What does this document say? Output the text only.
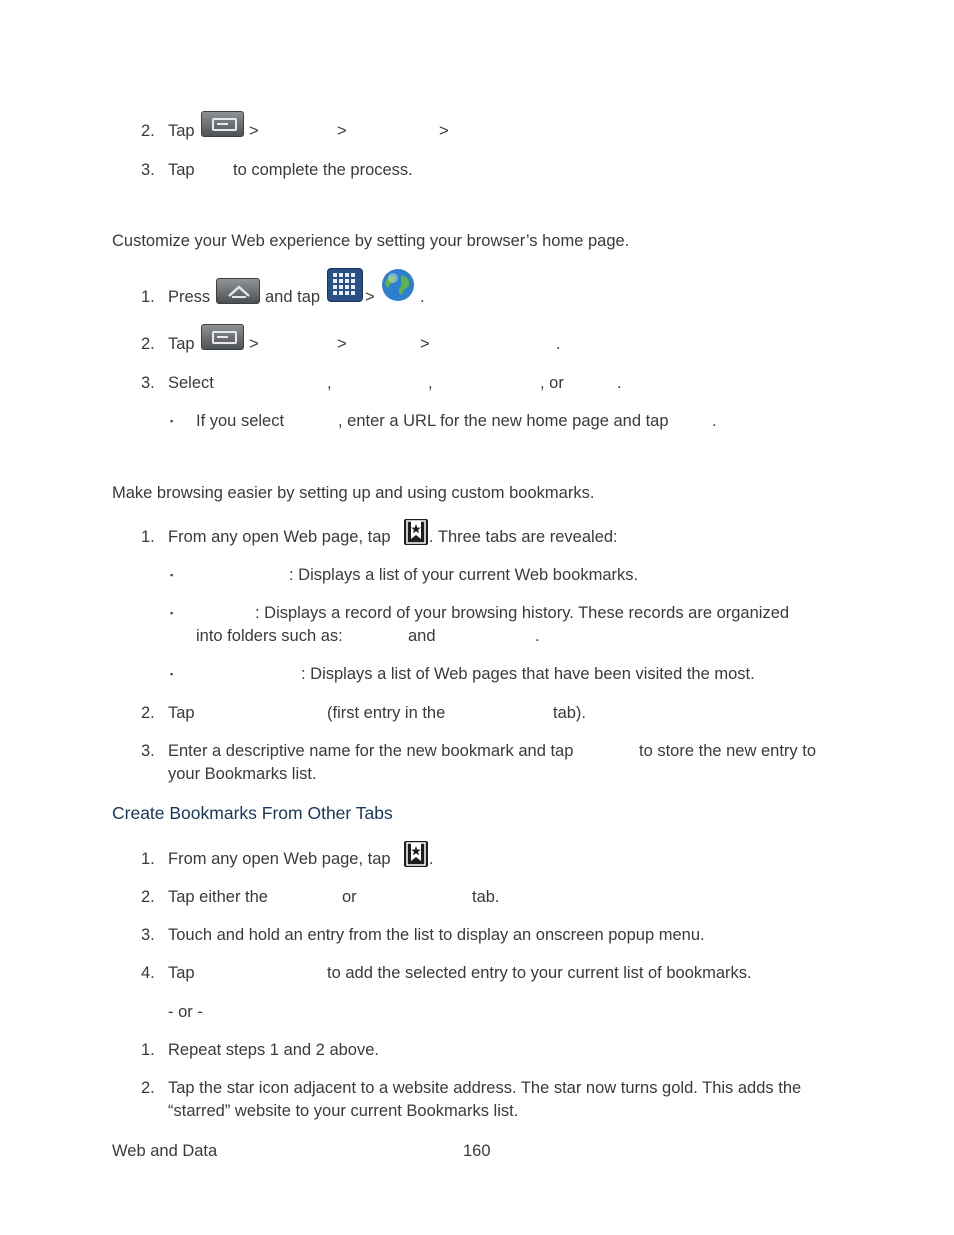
2. Tap	>	>	>
3. Tap to complete the process.
Customize your Web experience by setting your browser’s home page.
1. Press	and tap	>	.
2. Tap	>	>	>	.
3. Select	,	,	, or	.
▪ If you select	, enter a URL for the new home page and tap	.
Make browsing easier by setting up and using custom bookmarks.
1. From any open Web page, tap . Three tabs are revealed:
▪	: Displays a list of your current Web bookmarks.
▪	: Displays a record of your browsing history. These records are organized
into folders such as:	and	.
▪	: Displays a list of Web pages that have been visited the most.
2. Tap	(first entry in the	tab).
3. Enter a descriptive name for the new bookmark and tap	to store the new entry to
your Bookmarks list.
Create Bookmarks From Other Tabs
1. From any open Web page, tap .
2. Tap either the	or	tab.
3. Touch and hold an entry from the list to display an onscreen popup menu.
4. Tap	to add the selected entry to your current list of bookmarks.
- or -
1. Repeat steps 1 and 2 above.
2. Tap the star icon adjacent to a website address. The star now turns gold. This adds the
“starred” website to your current Bookmarks list.
Web and Data	160
